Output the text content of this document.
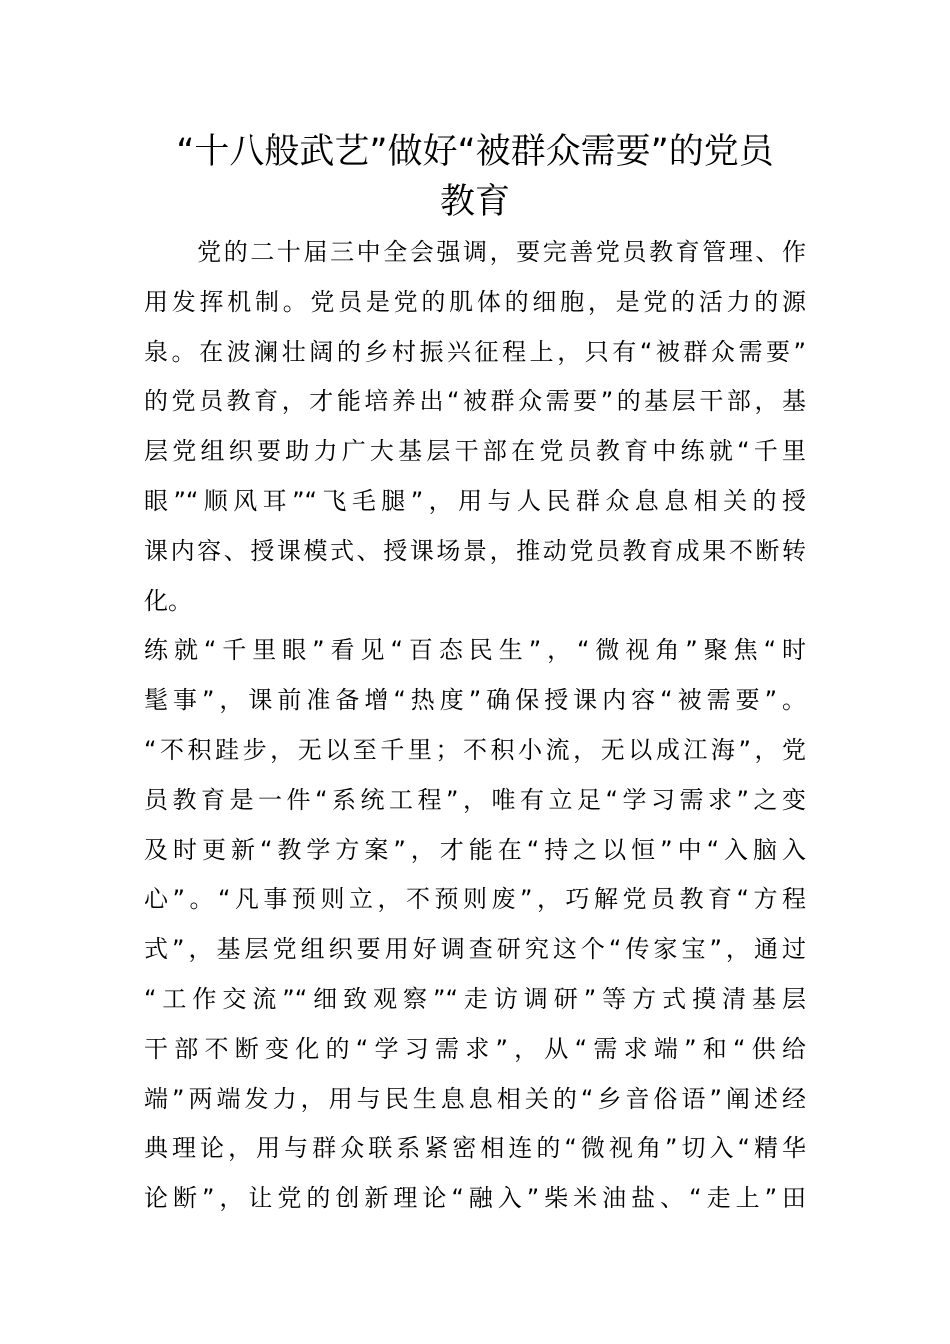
“十八般武艺”做好“被群众需要”的党员
教育
　　党的二十届三中全会强调，要完善党员教育管理、作
用发挥机制。党员是党的肌体的细胞，是党的活力的源
泉。在波澜壮阔的乡村振兴征程上，只有“被群众需要”
的党员教育，才能培养出“被群众需要”的基层干部，基
层党组织要助力广大基层干部在党员教育中练就“千里
眼”“顺风耳”“飞毛腿”，用与人民群众息息相关的授
课内容、授课模式、授课场景，推动党员教育成果不断转
化。
练就“千里眼”看见“百态民生”，“微视角”聚焦“时
髦事”，课前准备增“热度”确保授课内容“被需要”。
“不积跬步，无以至千里；不积小流，无以成江海”，党
员教育是一件“系统工程”，唯有立足“学习需求”之变
及时更新“教学方案”，才能在“持之以恒”中“入脑入
心”。“凡事预则立，不预则废”，巧解党员教育“方程
式”，基层党组织要用好调查研究这个“传家宝”，通过
“工作交流”“细致观察”“走访调研”等方式摸清基层
干部不断变化的“学习需求”，从“需求端”和“供给
端”两端发力，用与民生息息相关的“乡音俗语”阐述经
典理论，用与群众联系紧密相连的“微视角”切入“精华
论断”，让党的创新理论“融入”柴米油盐、“走上”田
